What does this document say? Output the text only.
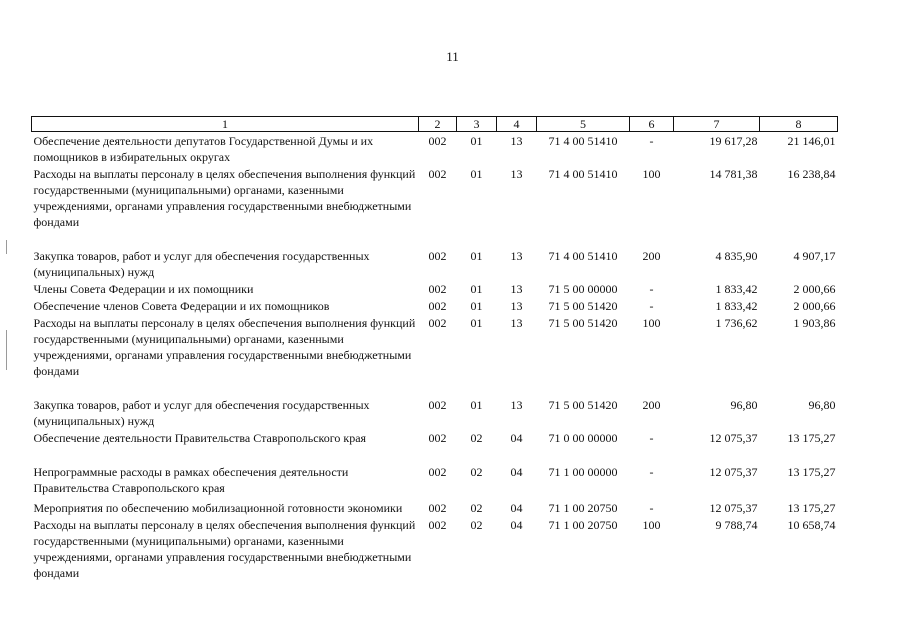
11
1	2	3	4	5	6	7	8
Обеспечение деятельности депутатов Государственной Думы и их помощников в избирательных округах	002	01	13	71 4 00 51410	-	19 617,28	21 146,01
Расходы на выплаты персоналу в целях обеспечения выполнения функций государственными (муниципальными) органами, казенными учреждениями, органами управления государственными внебюджетными фондами	002	01	13	71 4 00 51410	100	14 781,38	16 238,84
Закупка товаров, работ и услуг для обеспечения государственных (муниципальных) нужд	002	01	13	71 4 00 51410	200	4 835,90	4 907,17
Члены Совета Федерации и их помощники	002	01	13	71 5 00 00000	-	1 833,42	2 000,66
Обеспечение членов Совета Федерации и их помощников	002	01	13	71 5 00 51420	-	1 833,42	2 000,66
Расходы на выплаты персоналу в целях обеспечения выполнения функций государственными (муниципальными) органами, казенными учреждениями, органами управления государственными внебюджетными фондами	002	01	13	71 5 00 51420	100	1 736,62	1 903,86
Закупка товаров, работ и услуг для обеспечения государственных (муниципальных) нужд	002	01	13	71 5 00 51420	200	96,80	96,80
Обеспечение деятельности Правительства Ставропольского края	002	02	04	71 0 00 00000	-	12 075,37	13 175,27
Непрограммные расходы в рамках обеспечения деятельности Правительства Ставропольского края	002	02	04	71 1 00 00000	-	12 075,37	13 175,27
Мероприятия по обеспечению мобилизационной готовности экономики	002	02	04	71 1 00 20750	-	12 075,37	13 175,27
Расходы на выплаты персоналу в целях обеспечения выполнения функций государственными (муниципальными) органами, казенными учреждениями, органами управления государственными внебюджетными фондами	002	02	04	71 1 00 20750	100	9 788,74	10 658,74
